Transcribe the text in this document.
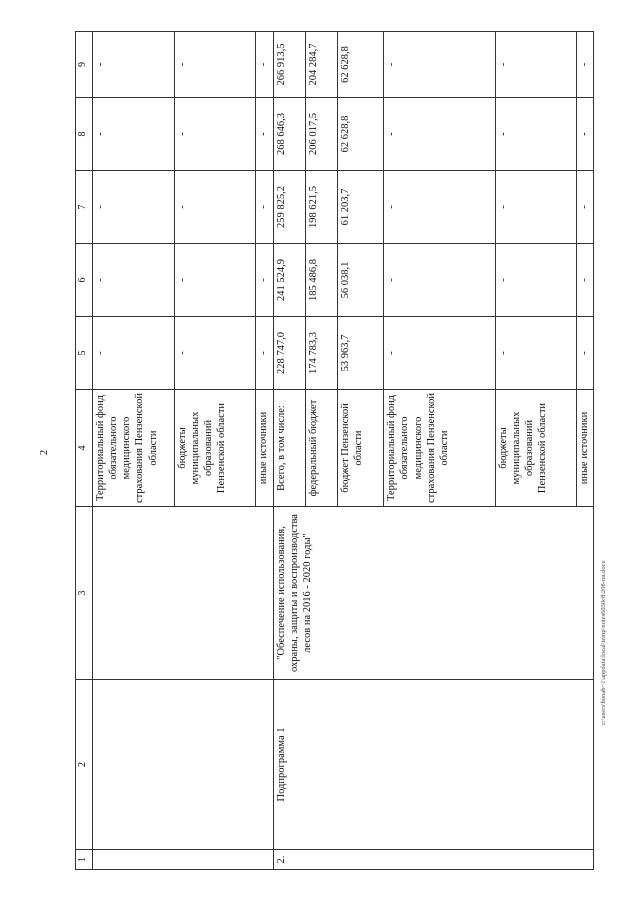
2
1	2	3	4	5	6	7	8	9
			Территориальный фонд обязательного медицинского страхования Пензенской области	-	-	-	-	-
			бюджеты муниципальных образований Пензенской области	-	-	-	-	-
			иные источники	-	-	-	-	-
2.	Подпрограмма 1	"Обеспечение использования, охраны, защиты и воспроизводства лесов на 2016 - 2020 годы"	Всего, в том числе:	228 747,0	241 524,9	259 825,2	268 646,3	266 913,5
			федеральный бюджет	174 783,3	185 486,8	198 621,5	206 017,5	204 284,7
			бюджет Пензенской области	53 963,7	56 038,1	61 203,7	62 628,8	62 628,8
			Территориальный фонд обязательного медицинского страхования Пензенской области	-	-	-	-	-
			бюджеты муниципальных образований Пензенской области	-	-	-	-	-
			иные источники	-	-	-	-	-
c:\users\bonab~1\appdata\local\temp\notes6030c8\208-nu.docx
